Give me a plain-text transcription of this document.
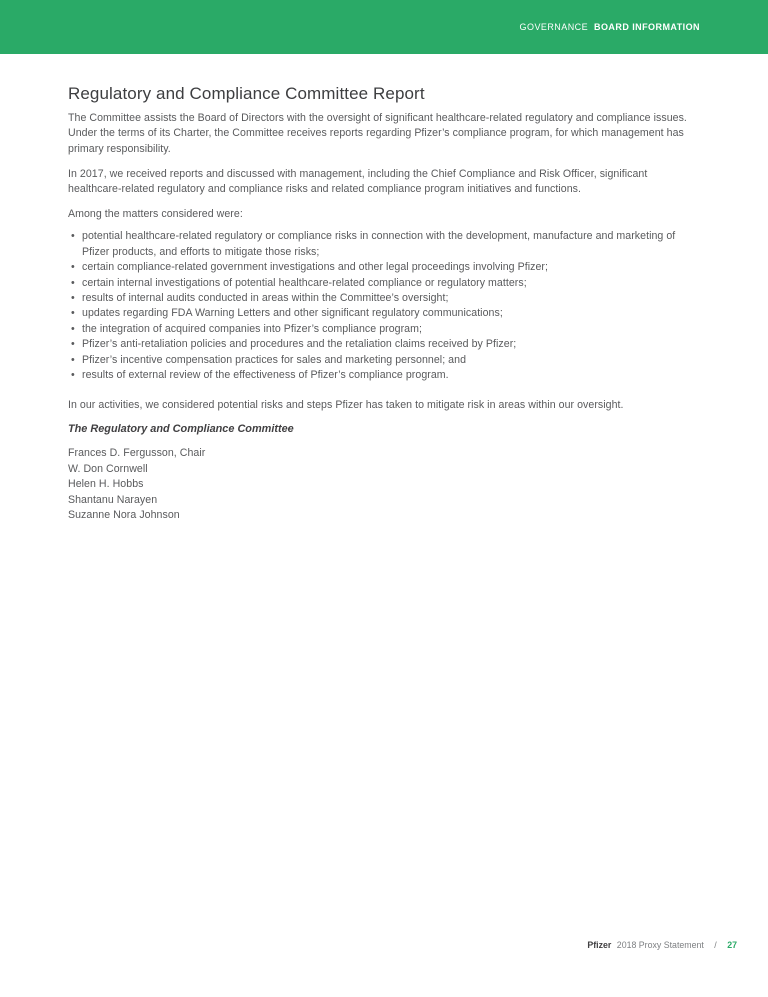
GOVERNANCE BOARD INFORMATION
Regulatory and Compliance Committee Report

The Committee assists the Board of Directors with the oversight of significant healthcare-related regulatory and compliance issues. Under the terms of its Charter, the Committee receives reports regarding Pfizer’s compliance program, for which management has primary responsibility.

In 2017, we received reports and discussed with management, including the Chief Compliance and Risk Officer, significant healthcare-related regulatory and compliance risks and related compliance program initiatives and functions.

Among the matters considered were:

• potential healthcare-related regulatory or compliance risks in connection with the development, manufacture and marketing of Pfizer products, and efforts to mitigate those risks;
• certain compliance-related government investigations and other legal proceedings involving Pfizer;
• certain internal investigations of potential healthcare-related compliance or regulatory matters;
• results of internal audits conducted in areas within the Committee’s oversight;
• updates regarding FDA Warning Letters and other significant regulatory communications;
• the integration of acquired companies into Pfizer’s compliance program;
• Pfizer’s anti-retaliation policies and procedures and the retaliation claims received by Pfizer;
• Pfizer’s incentive compensation practices for sales and marketing personnel; and
• results of external review of the effectiveness of Pfizer’s compliance program.

In our activities, we considered potential risks and steps Pfizer has taken to mitigate risk in areas within our oversight.

The Regulatory and Compliance Committee
Frances D. Fergusson, Chair
W. Don Cornwell
Helen H. Hobbs
Shantanu Narayen
Suzanne Nora Johnson
Pfizer 2018 Proxy Statement / 27
